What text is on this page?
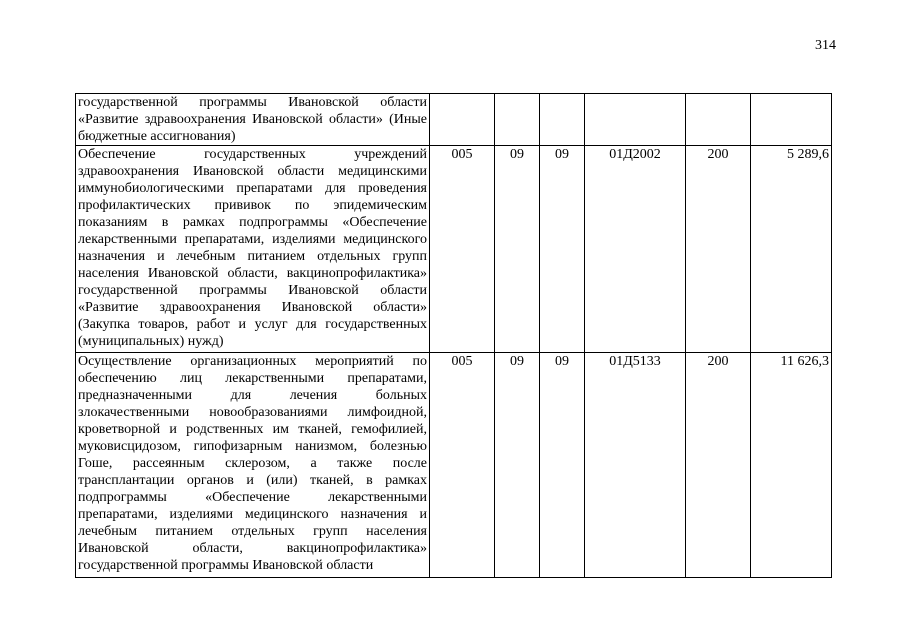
314
государственной программы Ивановской области «Развитие здравоохранения Ивановской области» (Иные бюджетные ассигнования)						
Обеспечение государственных учреждений здравоохранения Ивановской области медицинскими иммунобиологическими препаратами для проведения профилактических прививок по эпидемическим показаниям в рамках подпрограммы «Обеспечение лекарственными препаратами, изделиями медицинского назначения и лечебным питанием отдельных групп населения Ивановской области, вакцинопрофилактика» государственной программы Ивановской области «Развитие здравоохранения Ивановской области» (Закупка товаров, работ и услуг для государственных (муниципальных) нужд)	005	09	09	01Д2002	200	5 289,6
Осуществление организационных мероприятий по обеспечению лиц лекарственными препаратами, предназначенными для лечения больных злокачественными новообразованиями лимфоидной, кроветворной и родственных им тканей, гемофилией, муковисцидозом, гипофизарным нанизмом, болезнью Гоше, рассеянным склерозом, а также после трансплантации органов и (или) тканей, в рамках подпрограммы «Обеспечение лекарственными препаратами, изделиями медицинского назначения и лечебным питанием отдельных групп населения Ивановской области, вакцинопрофилактика» государственной программы Ивановской области	005	09	09	01Д5133	200	11 626,3
